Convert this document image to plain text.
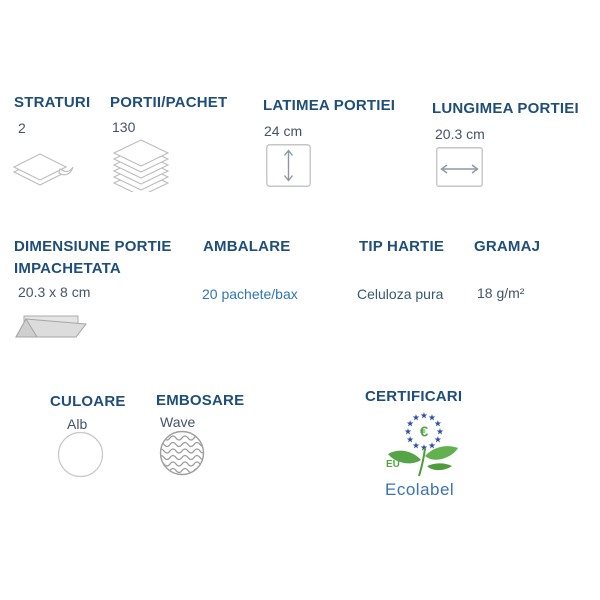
STRATURI
2
PORTII/PACHET
130
LATIMEA PORTIEI
24 cm
LUNGIMEA PORTIEI
20.3 cm
DIMENSIUNE PORTIE IMPACHETATA
20.3 x 8 cm
AMBALARE
20 pachete/bax
TIP HARTIE
Celuloza pura
GRAMAJ
18 g/m²
CULOARE
Alb
EMBOSARE
Wave
CERTIFICARI
★ ★
★
★
★
★
★
★
★
★
★
★
€
EU
Ecolabel
